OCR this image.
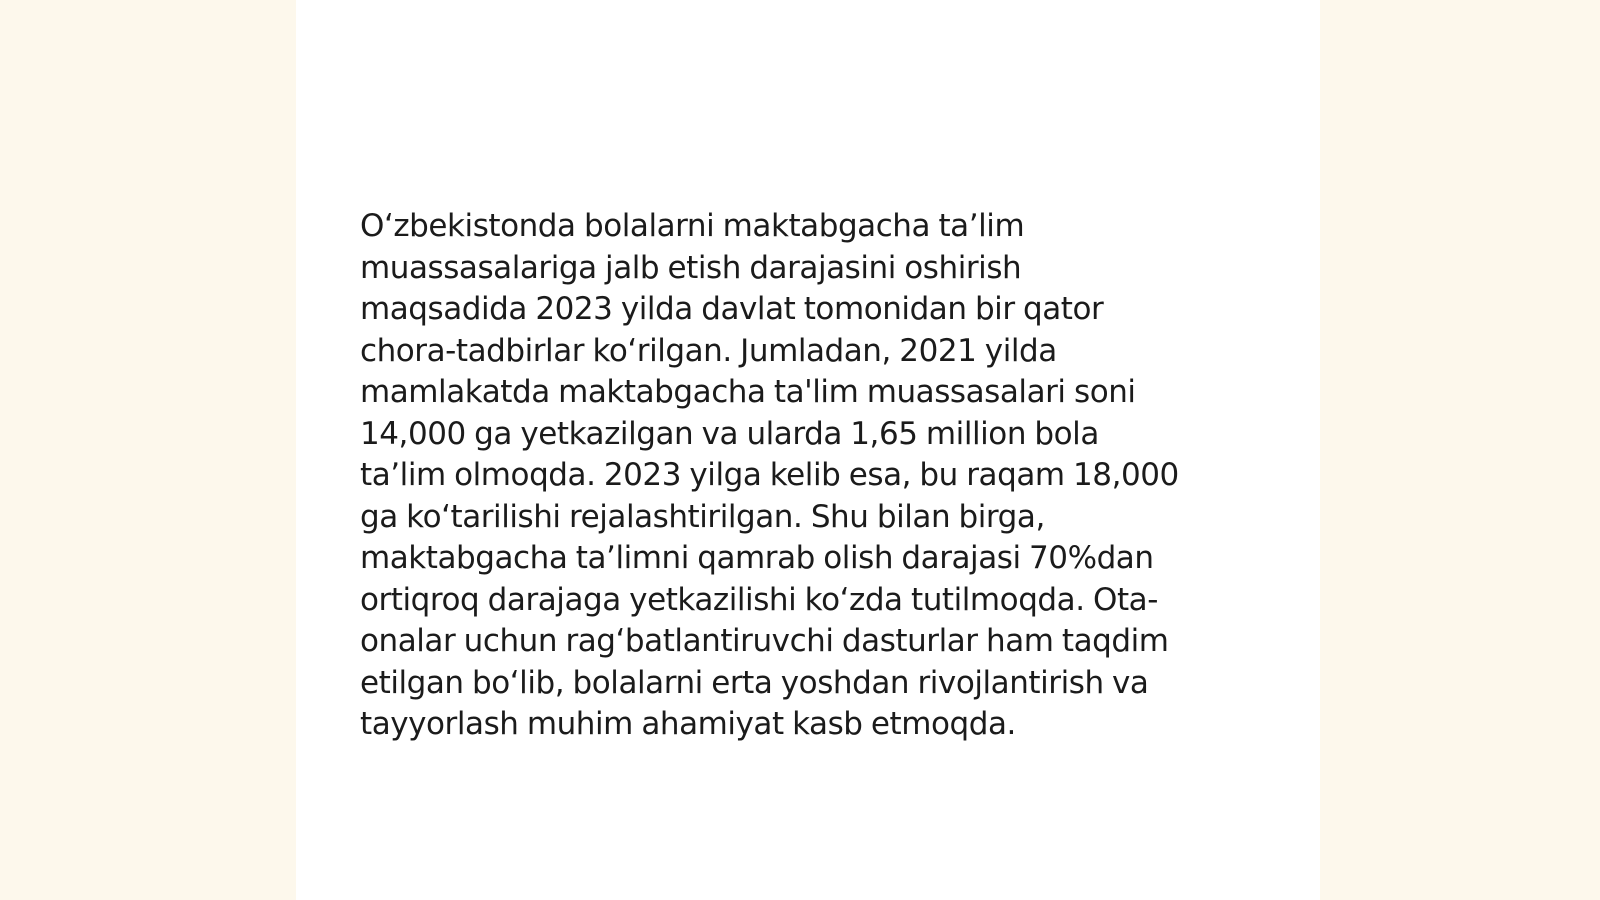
O‘zbekistonda bolalarni maktabgacha ta’lim
muassasalariga jalb etish darajasini oshirish
maqsadida 2023 yilda davlat tomonidan bir qator
chora-tadbirlar ko‘rilgan. Jumladan, 2021 yilda
mamlakatda maktabgacha ta'lim muassasalari soni
14,000 ga yetkazilgan va ularda 1,65 million bola
ta’lim olmoqda. 2023 yilga kelib esa, bu raqam 18,000
ga ko‘tarilishi rejalashtirilgan. Shu bilan birga,
maktabgacha ta’limni qamrab olish darajasi 70%dan
ortiqroq darajaga yetkazilishi ko‘zda tutilmoqda. Ota-
onalar uchun rag‘batlantiruvchi dasturlar ham taqdim
etilgan bo‘lib, bolalarni erta yoshdan rivojlantirish va
tayyorlash muhim ahamiyat kasb etmoqda.
